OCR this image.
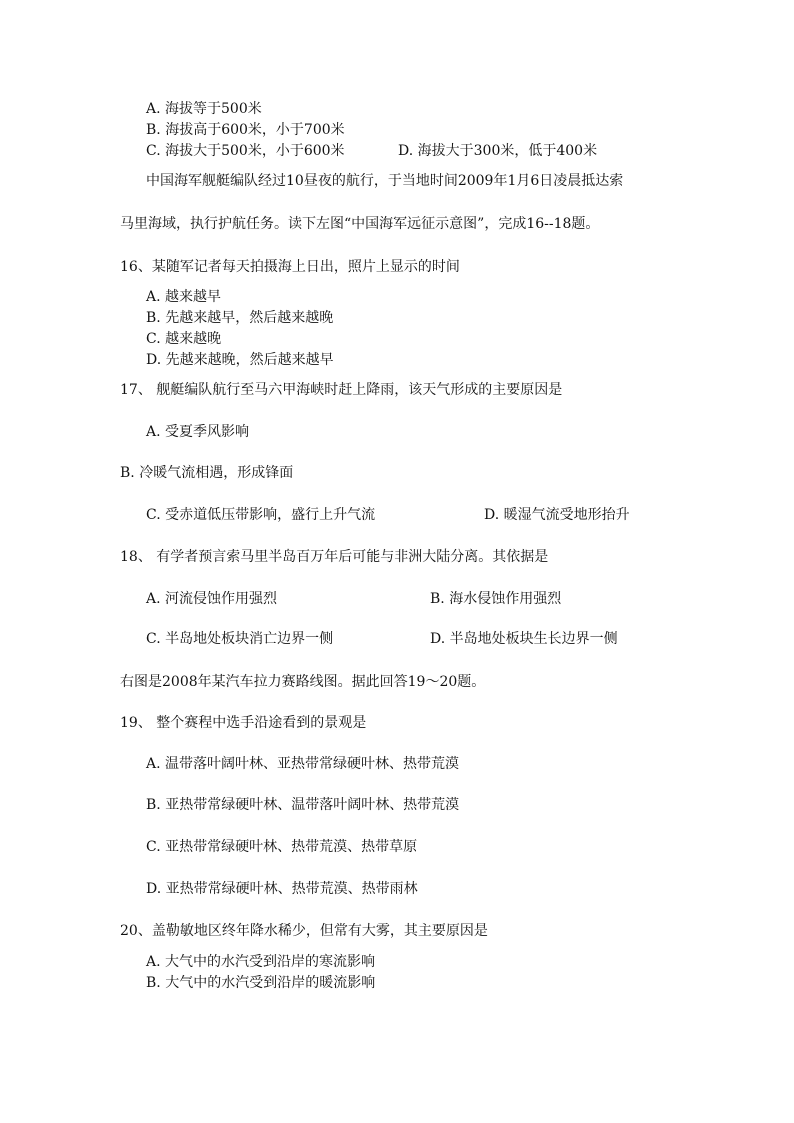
A. 海拔等于500米
B. 海拔高于600米，小于700米
C. 海拔大于500米，小于600米	D. 海拔大于300米，低于400米
中国海军舰艇编队经过10昼夜的航行，于当地时间2009年1月6日凌晨抵达索
马里海域，执行护航任务。读下左图“中国海军远征示意图”，完成16--18题。
16、某随军记者每天拍摄海上日出，照片上显示的时间
A. 越来越早
B. 先越来越早，然后越来越晚
C. 越来越晚
D. 先越来越晚，然后越来越早
17、 舰艇编队航行至马六甲海峡时赶上降雨，该天气形成的主要原因是
A. 受夏季风影响
B. 冷暖气流相遇，形成锋面
C. 受赤道低压带影响，盛行上升气流	D. 暖湿气流受地形抬升
18、 有学者预言索马里半岛百万年后可能与非洲大陆分离。其依据是
A. 河流侵蚀作用强烈	B. 海水侵蚀作用强烈
C. 半岛地处板块消亡边界一侧	D. 半岛地处板块生长边界一侧
右图是2008年某汽车拉力赛路线图。据此回答19～20题。
19、 整个赛程中选手沿途看到的景观是
A. 温带落叶阔叶林、亚热带常绿硬叶林、热带荒漠
B. 亚热带常绿硬叶林、温带落叶阔叶林、热带荒漠
C. 亚热带常绿硬叶林、热带荒漠、热带草原
D. 亚热带常绿硬叶林、热带荒漠、热带雨林
20、盖勒敏地区终年降水稀少，但常有大雾，其主要原因是
A. 大气中的水汽受到沿岸的寒流影响
B. 大气中的水汽受到沿岸的暖流影响
